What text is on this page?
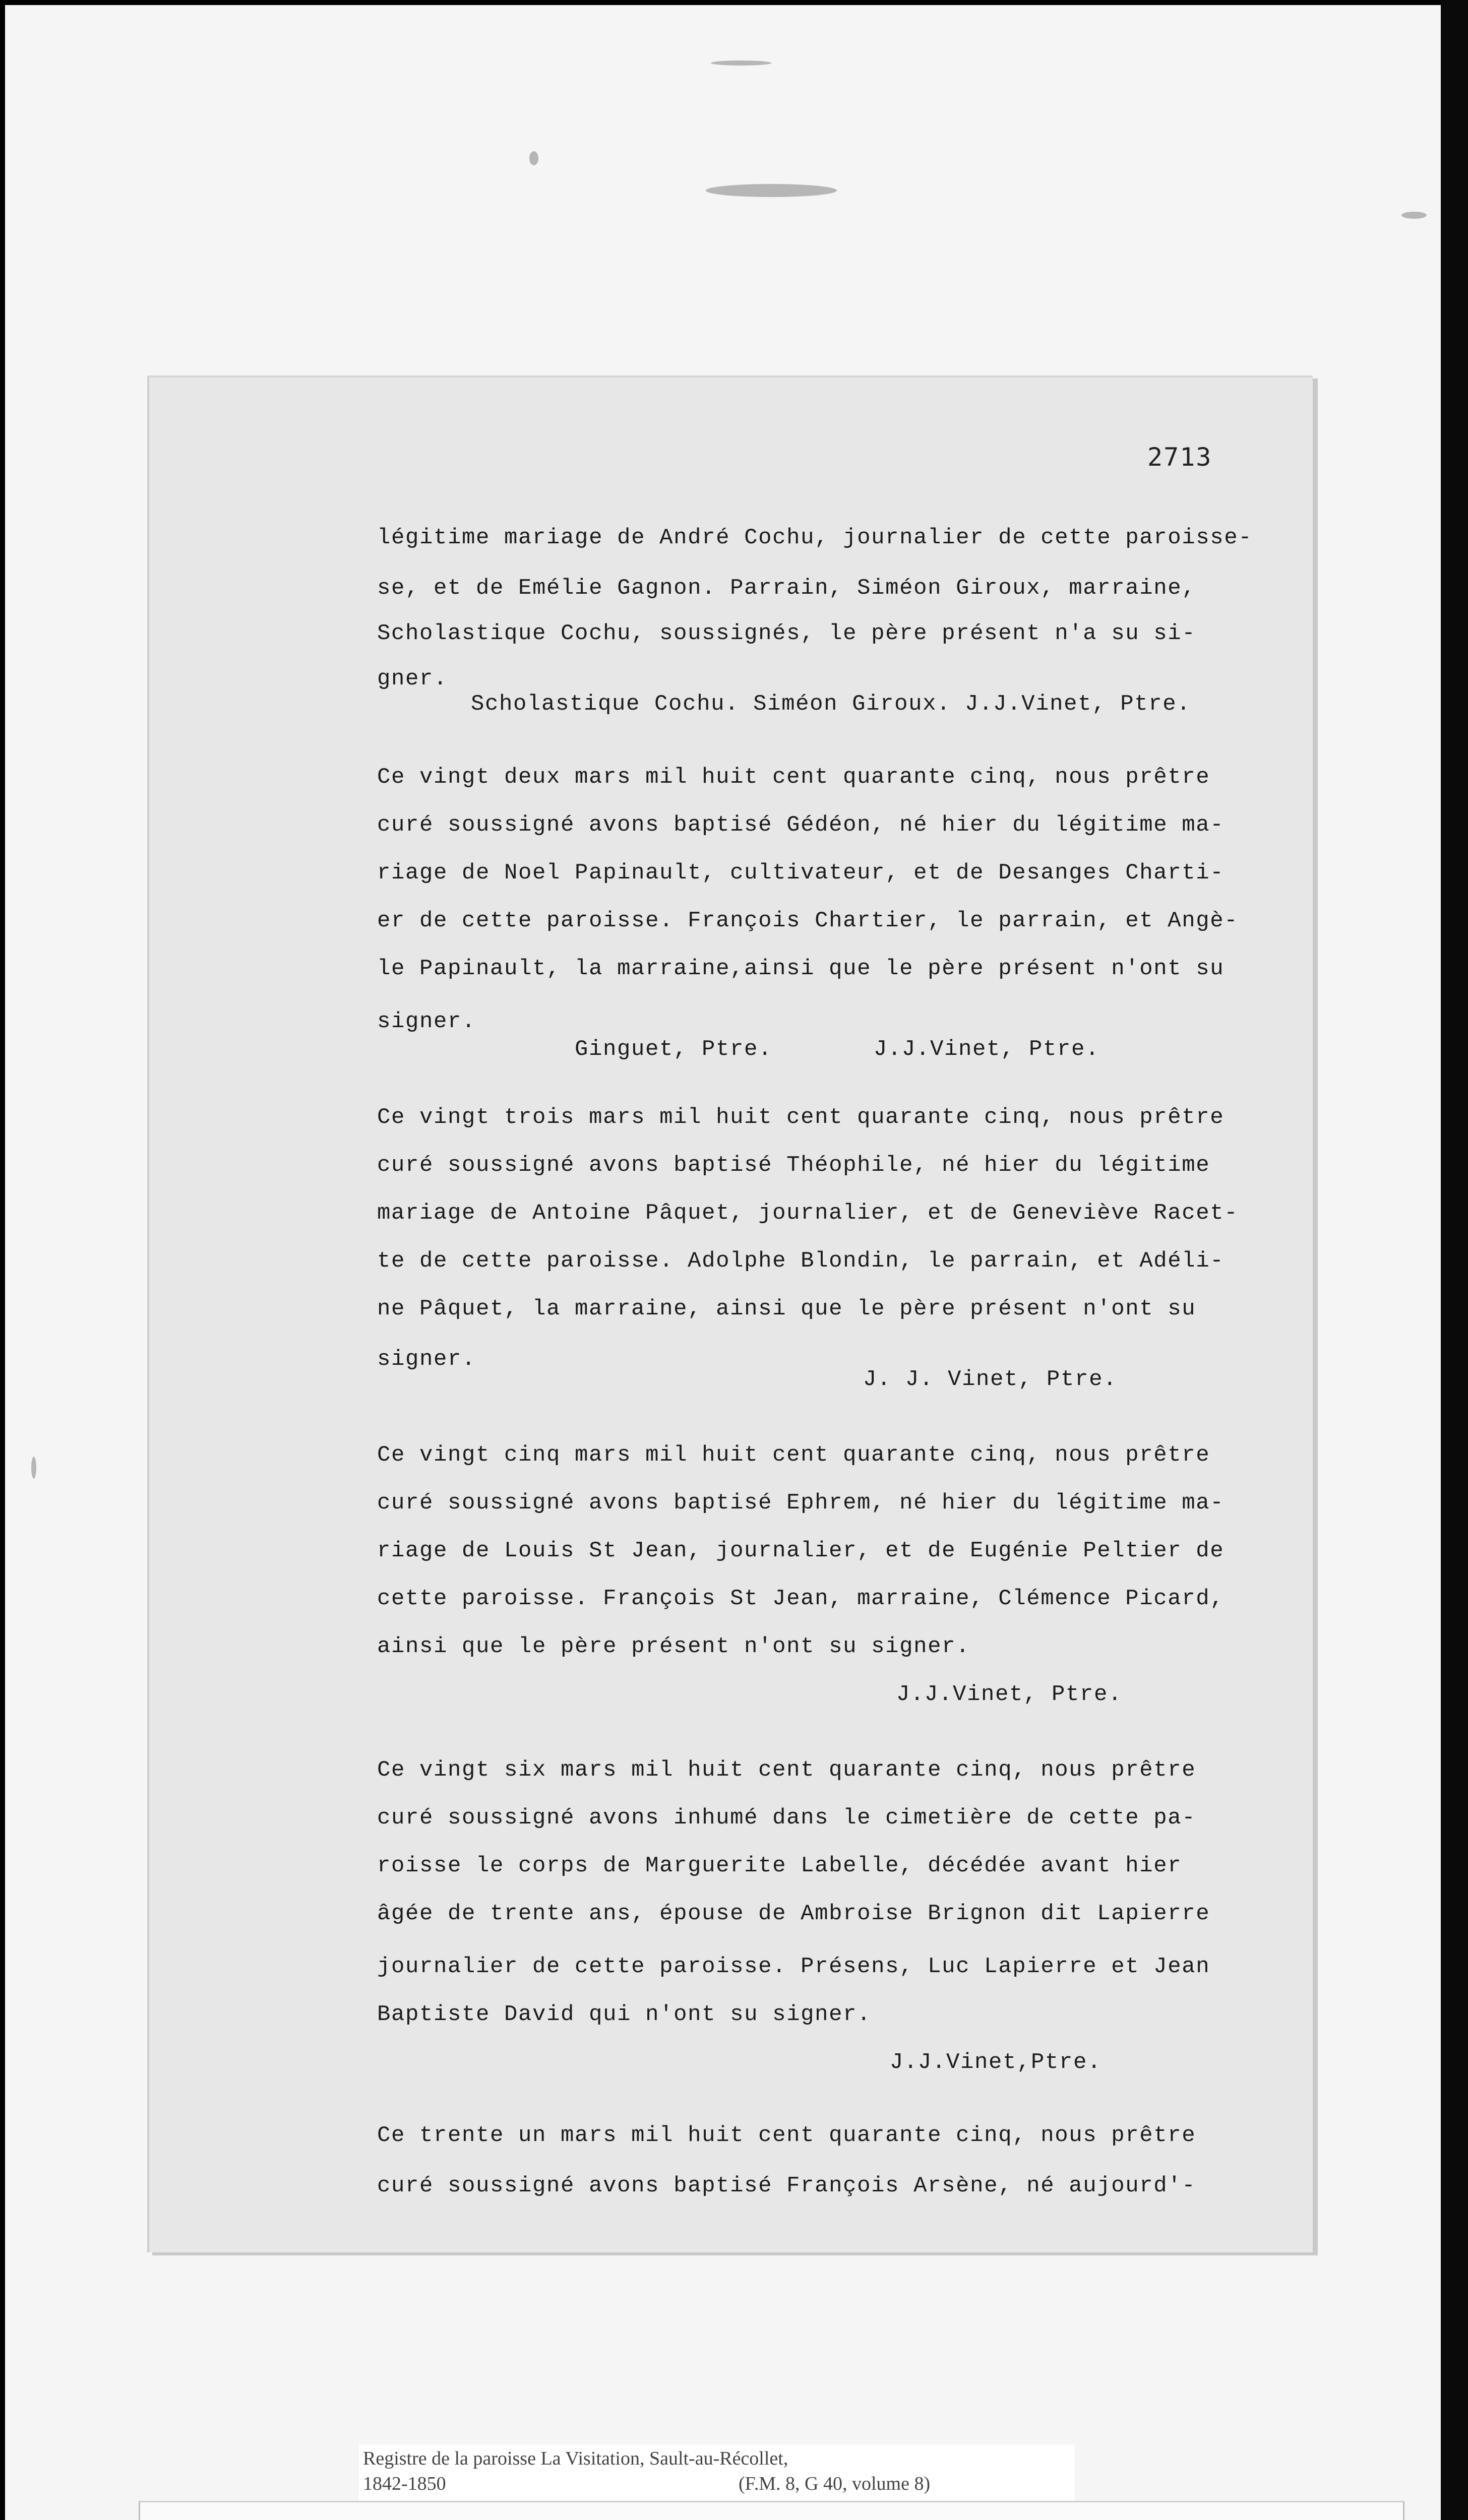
2713
légitime mariage de André Cochu, journalier de cette paroisse-
se, et de Emélie Gagnon. Parrain, Siméon Giroux, marraine,
Scholastique Cochu, soussignés, le père présent n'a su si-
gner.
Scholastique Cochu. Siméon Giroux. J.J.Vinet, Ptre.
Ce vingt deux mars mil huit cent quarante cinq, nous prêtre
curé soussigné avons baptisé Gédéon, né hier du légitime ma-
riage de Noel Papinault, cultivateur, et de Desanges Charti-
er de cette paroisse. François Chartier, le parrain, et Angè-
le Papinault, la marraine,ainsi que le père présent n'ont su
signer.
Ginguet, Ptre.	J.J.Vinet, Ptre.
Ce vingt trois mars mil huit cent quarante cinq, nous prêtre
curé soussigné avons baptisé Théophile, né hier du légitime
mariage de Antoine Pâquet, journalier, et de Geneviève Racet-
te de cette paroisse. Adolphe Blondin, le parrain, et Adéli-
ne Pâquet, la marraine, ainsi que le père présent n'ont su
signer.
J. J. Vinet, Ptre.
Ce vingt cinq mars mil huit cent quarante cinq, nous prêtre
curé soussigné avons baptisé Ephrem, né hier du légitime ma-
riage de Louis St Jean, journalier, et de Eugénie Peltier de
cette paroisse. François St Jean, marraine, Clémence Picard,
ainsi que le père présent n'ont su signer.
J.J.Vinet, Ptre.
Ce vingt six mars mil huit cent quarante cinq, nous prêtre
curé soussigné avons inhumé dans le cimetière de cette pa-
roisse le corps de Marguerite Labelle, décédée avant hier
âgée de trente ans, épouse de Ambroise Brignon dit Lapierre
journalier de cette paroisse. Présens, Luc Lapierre et Jean
Baptiste David qui n'ont su signer.
J.J.Vinet,Ptre.
Ce trente un mars mil huit cent quarante cinq, nous prêtre
curé soussigné avons baptisé François Arsène, né aujourd'-
Registre de la paroisse La Visitation, Sault-au-Récollet,
1842-1850	(F.M. 8, G 40, volume 8)
